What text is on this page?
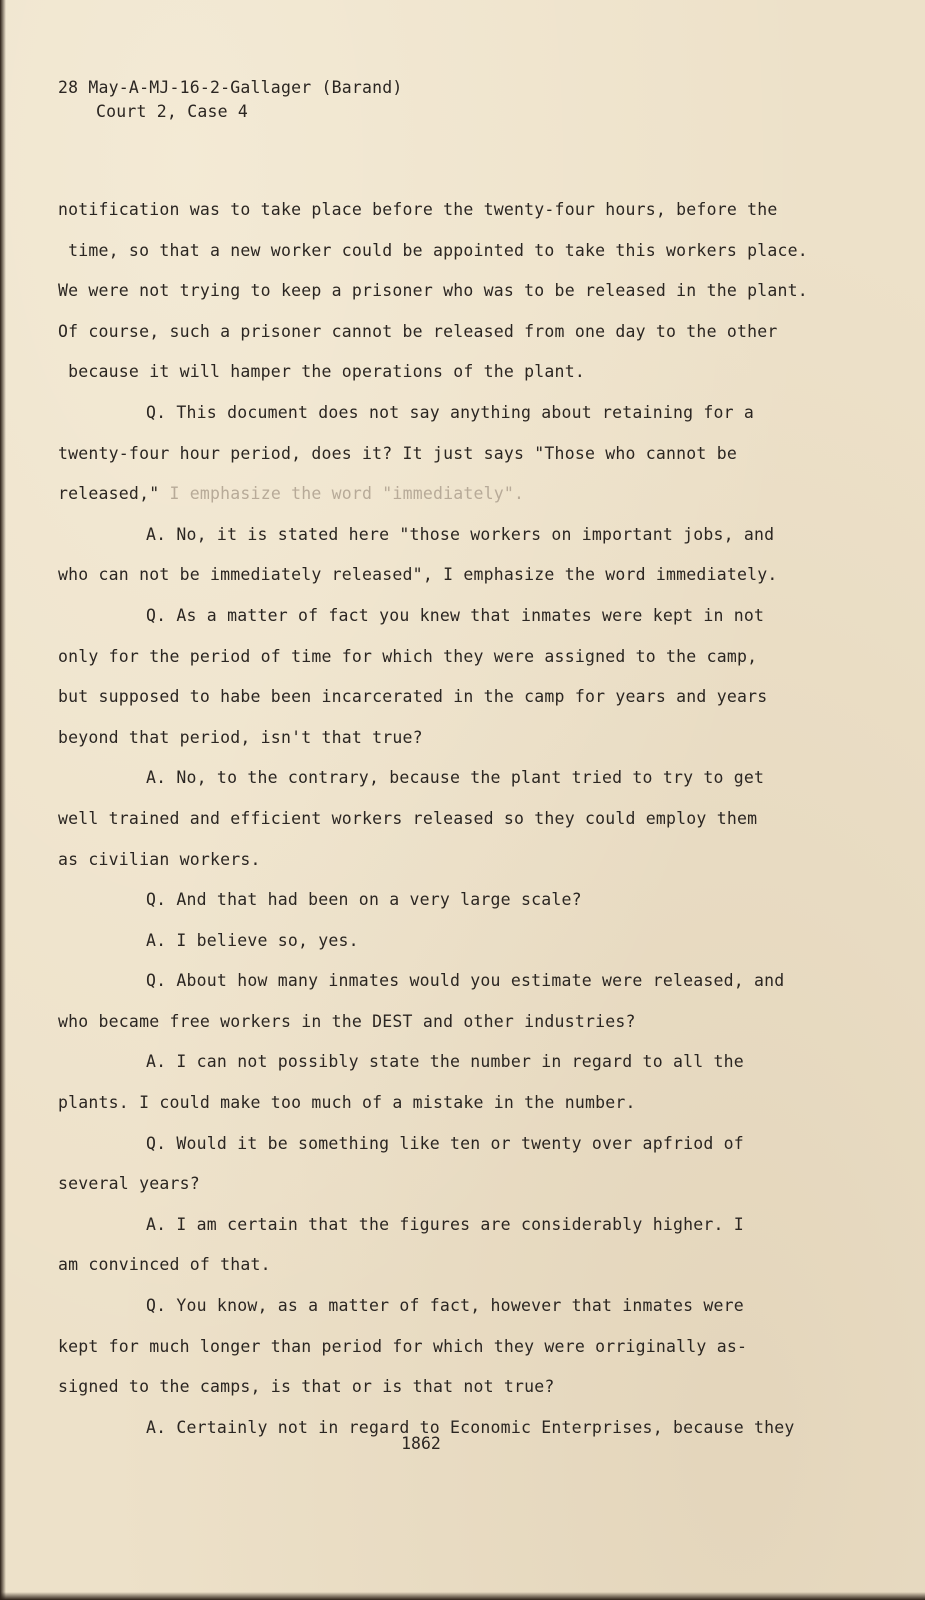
28 May-A-MJ-16-2-Gallager (Barand)
Court 2, Case 4
notification was to take place before the twenty-four hours, before the
time, so that a new worker could be appointed to take this workers place.
We were not trying to keep a prisoner who was to be released in the plant.
Of course, such a prisoner cannot be released from one day to the other
because it will hamper the operations of the plant.
Q. This document does not say anything about retaining for a
twenty-four hour period, does it? It just says "Those who cannot be
released," I emphasize the word "immediately".
A. No, it is stated here "those workers on important jobs, and
who can not be immediately released", I emphasize the word immediately.
Q. As a matter of fact you knew that inmates were kept in not
only for the period of time for which they were assigned to the camp,
but supposed to habe been incarcerated in the camp for years and years
beyond that period, isn't that true?
A. No, to the contrary, because the plant tried to try to get
well trained and efficient workers released so they could employ them
as civilian workers.
Q. And that had been on a very large scale?
A. I believe so, yes.
Q. About how many inmates would you estimate were released, and
who became free workers in the DEST and other industries?
A. I can not possibly state the number in regard to all the
plants. I could make too much of a mistake in the number.
Q. Would it be something like ten or twenty over apfriod of
several years?
A. I am certain that the figures are considerably higher. I
am convinced of that.
Q. You know, as a matter of fact, however that inmates were
kept for much longer than period for which they were orriginally as-
signed to the camps, is that or is that not true?
A. Certainly not in regard to Economic Enterprises, because they
1862
